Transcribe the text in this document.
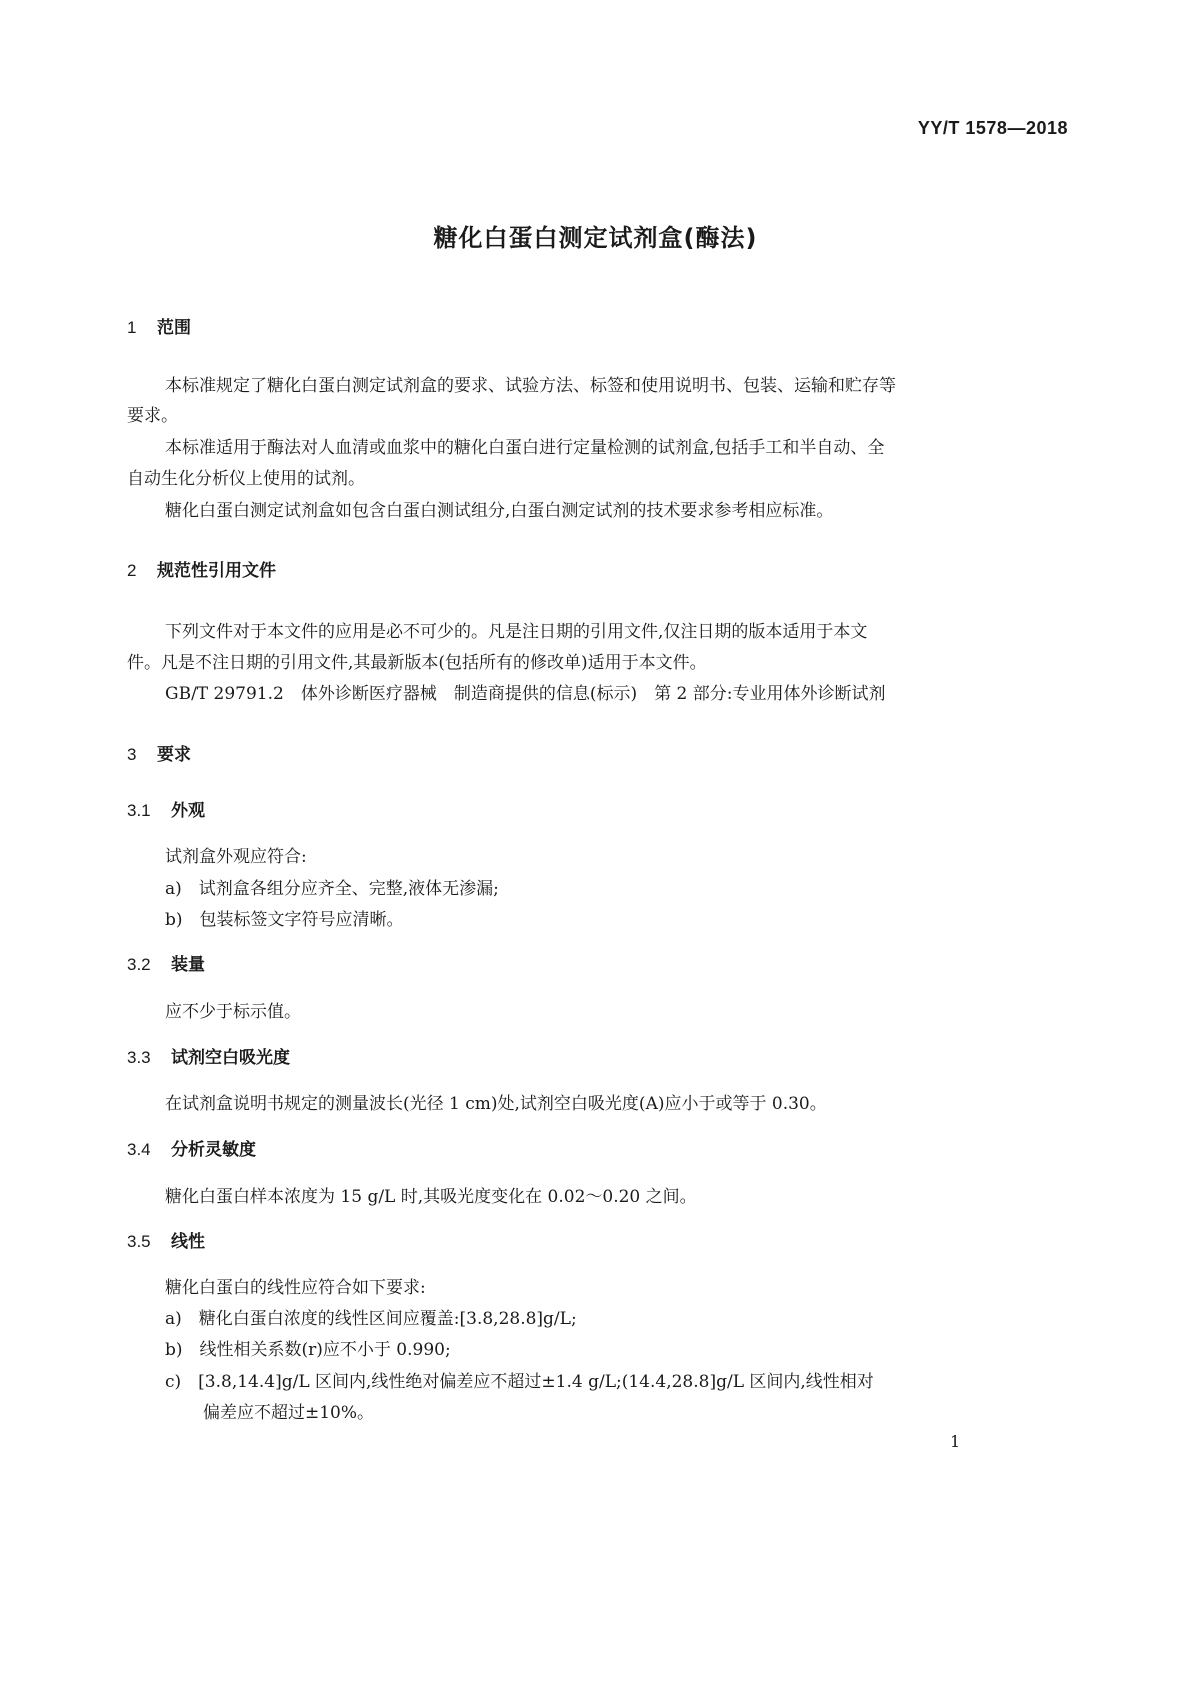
YY/T 1578—2018
糖化白蛋白测定试剂盒(酶法)
1 范围
本标准规定了糖化白蛋白测定试剂盒的要求、试验方法、标签和使用说明书、包装、运输和贮存等
要求。
本标准适用于酶法对人血清或血浆中的糖化白蛋白进行定量检测的试剂盒,包括手工和半自动、全
自动生化分析仪上使用的试剂。
糖化白蛋白测定试剂盒如包含白蛋白测试组分,白蛋白测定试剂的技术要求参考相应标准。
2 规范性引用文件
下列文件对于本文件的应用是必不可少的。凡是注日期的引用文件,仅注日期的版本适用于本文
件。凡是不注日期的引用文件,其最新版本(包括所有的修改单)适用于本文件。
GB/T 29791.2　体外诊断医疗器械　制造商提供的信息(标示)　第 2 部分:专业用体外诊断试剂
3 要求
3.1 外观
试剂盒外观应符合:
a)　试剂盒各组分应齐全、完整,液体无渗漏;
b)　包装标签文字符号应清晰。
3.2 装量
应不少于标示值。
3.3 试剂空白吸光度
在试剂盒说明书规定的测量波长(光径 1 cm)处,试剂空白吸光度(A)应小于或等于 0.30。
3.4 分析灵敏度
糖化白蛋白样本浓度为 15 g/L 时,其吸光度变化在 0.02～0.20 之间。
3.5 线性
糖化白蛋白的线性应符合如下要求:
a)　糖化白蛋白浓度的线性区间应覆盖:[3.8,28.8]g/L;
b)　线性相关系数(r)应不小于 0.990;
c)　[3.8,14.4]g/L 区间内,线性绝对偏差应不超过±1.4 g/L;(14.4,28.8]g/L 区间内,线性相对
偏差应不超过±10%。
1
